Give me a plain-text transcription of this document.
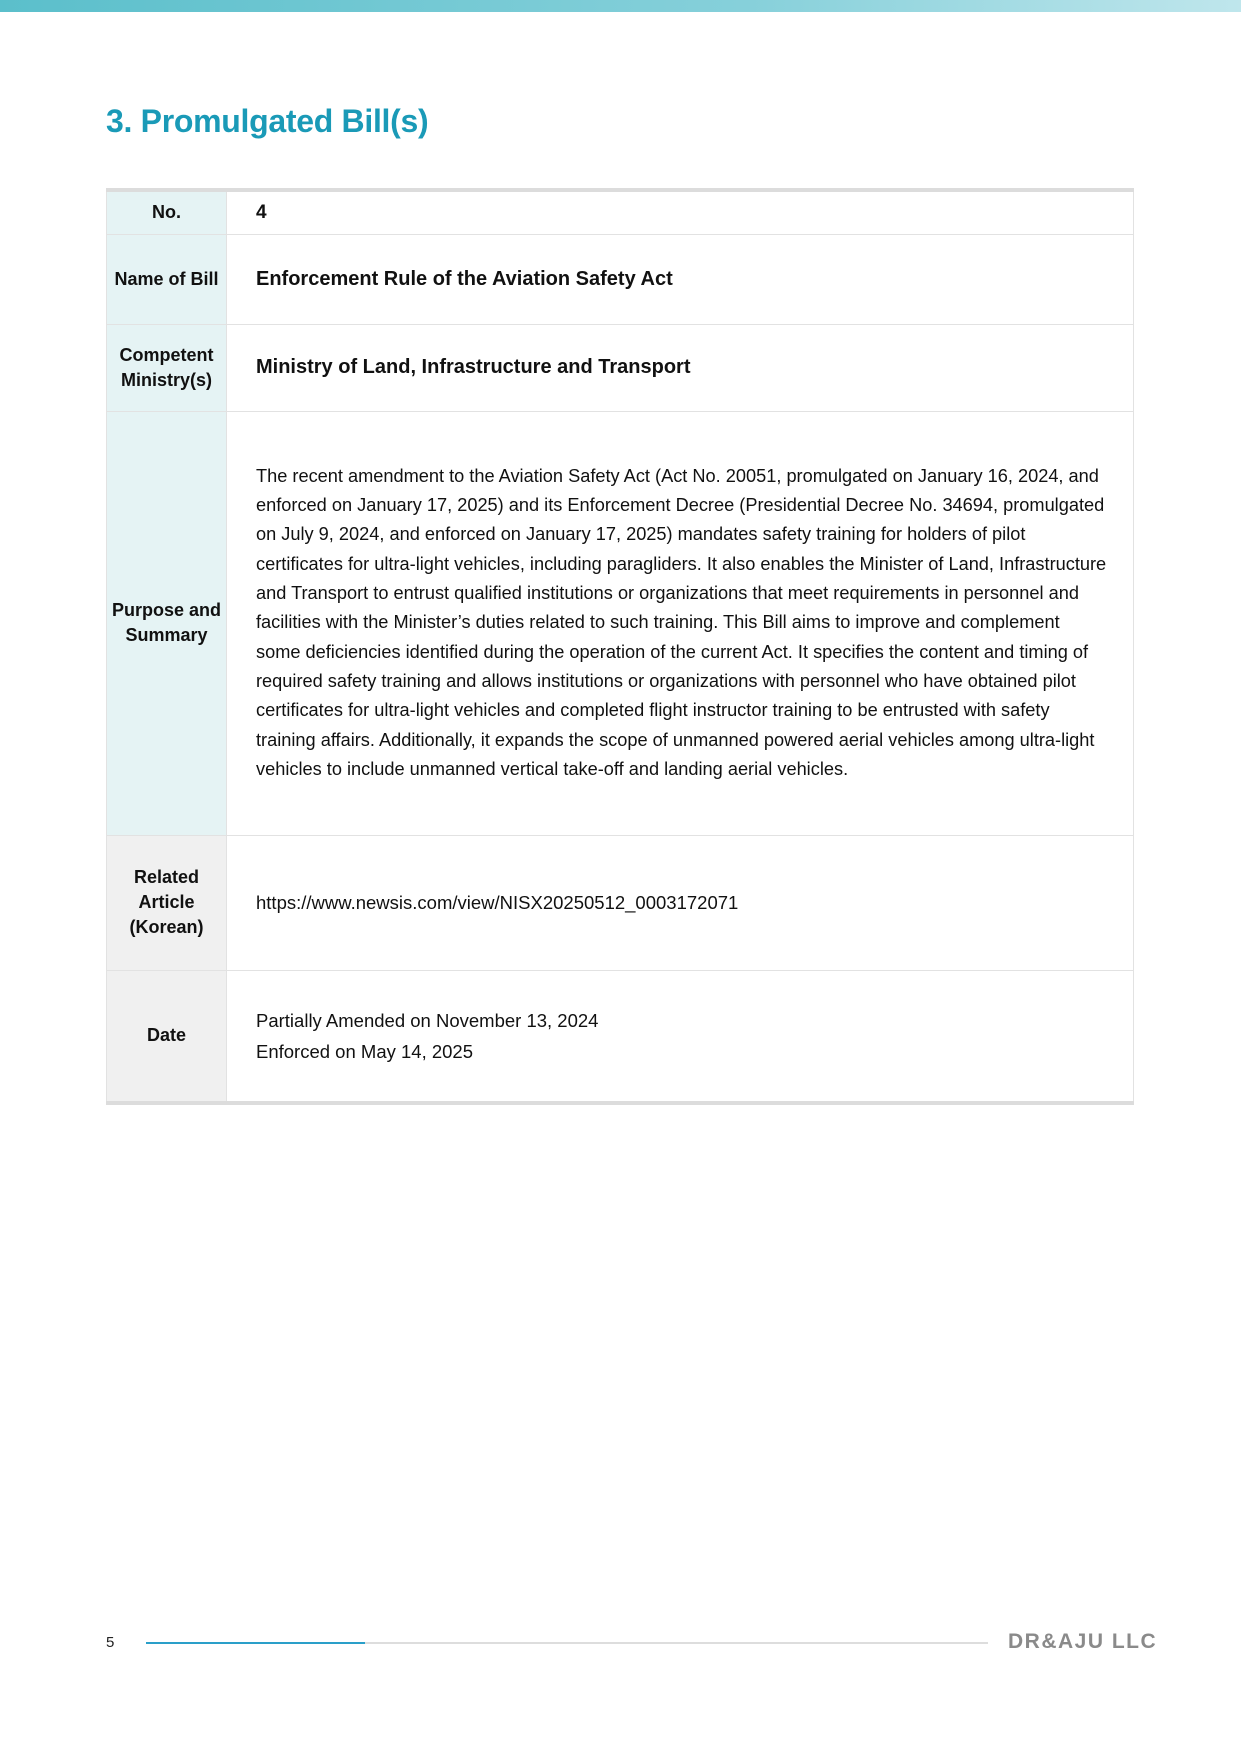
3. Promulgated Bill(s)
No.	4
Name of Bill	Enforcement Rule of the Aviation Safety Act
Competent Ministry(s)	Ministry of Land, Infrastructure and Transport
Purpose and Summary	The recent amendment to the Aviation Safety Act (Act No. 20051, promulgated on January 16, 2024, and enforced on January 17, 2025) and its Enforcement Decree (Presidential Decree No. 34694, promulgated on July 9, 2024, and enforced on January 17, 2025) mandates safety training for holders of pilot certificates for ultra-light vehicles, including paragliders. It also enables the Minister of Land, Infrastructure and Transport to entrust qualified institutions or organizations that meet requirements in personnel and facilities with the Minister’s duties related to such training. This Bill aims to improve and complement some deficiencies identified during the operation of the current Act. It specifies the content and timing of required safety training and allows institutions or organizations with personnel who have obtained pilot certificates for ultra-light vehicles and completed flight instructor training to be entrusted with safety training affairs. Additionally, it expands the scope of unmanned powered aerial vehicles among ultra-light vehicles to include unmanned vertical take-off and landing aerial vehicles.
Related Article (Korean)	https://www.newsis.com/view/NISX20250512_0003172071
Date	Partially Amended on November 13, 2024
Enforced on May 14, 2025
5	DR&AJU LLC
